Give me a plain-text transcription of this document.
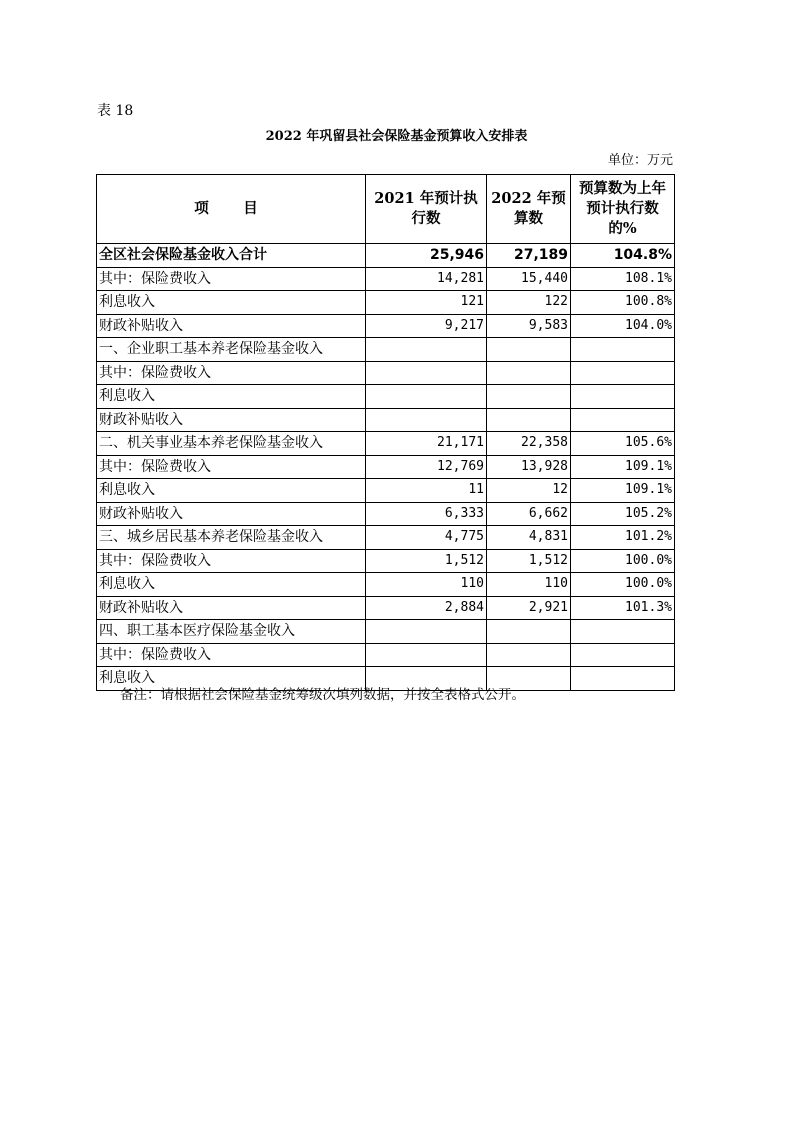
表 18
2022 年巩留县社会保险基金预算收入安排表
单位：万元
项　目	2021 年预计执行数	2022 年预算数	预算数为上年预计执行数的%
全区社会保险基金收入合计	25,946	27,189	104.8%
其中：保险费收入	14,281	15,440	108.1%
利息收入	121	122	100.8%
财政补贴收入	9,217	9,583	104.0%
一、企业职工基本养老保险基金收入			
其中：保险费收入			
利息收入			
财政补贴收入			
二、机关事业基本养老保险基金收入	21,171	22,358	105.6%
其中：保险费收入	12,769	13,928	109.1%
利息收入	11	12	109.1%
财政补贴收入	6,333	6,662	105.2%
三、城乡居民基本养老保险基金收入	4,775	4,831	101.2%
其中：保险费收入	1,512	1,512	100.0%
利息收入	110	110	100.0%
财政补贴收入	2,884	2,921	101.3%
四、职工基本医疗保险基金收入			
其中：保险费收入			
利息收入			
备注：请根据社会保险基金统筹级次填列数据，并按全表格式公开。
